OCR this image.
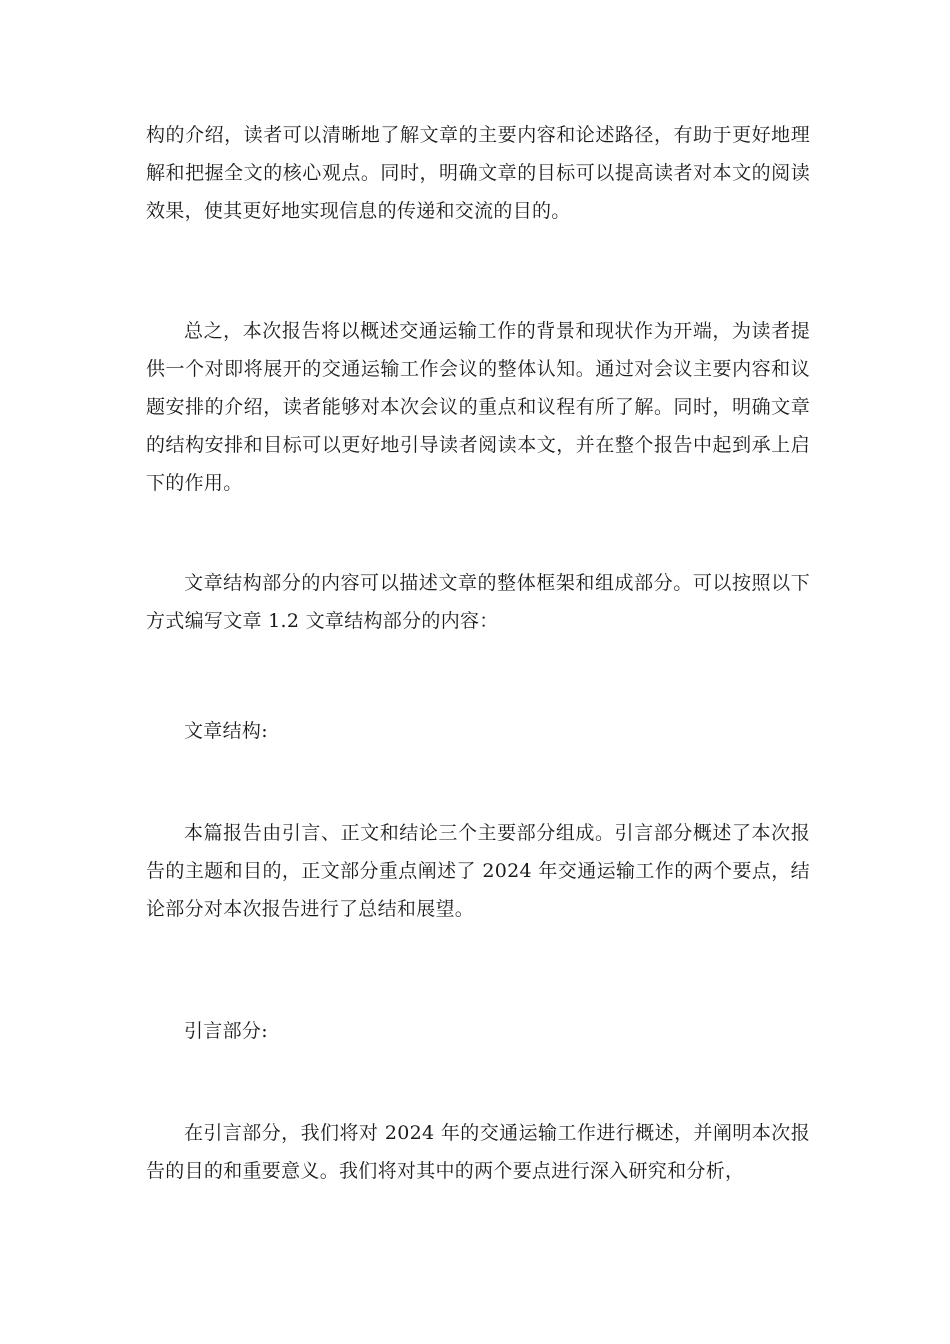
构的介绍，读者可以清晰地了解文章的主要内容和论述路径，有助于更好地理解和把握全文的核心观点。同时，明确文章的目标可以提高读者对本文的阅读效果，使其更好地实现信息的传递和交流的目的。

总之，本次报告将以概述交通运输工作的背景和现状作为开端，为读者提供一个对即将展开的交通运输工作会议的整体认知。通过对会议主要内容和议题安排的介绍，读者能够对本次会议的重点和议程有所了解。同时，明确文章的结构安排和目标可以更好地引导读者阅读本文，并在整个报告中起到承上启下的作用。

文章结构部分的内容可以描述文章的整体框架和组成部分。可以按照以下方式编写文章 1.2 文章结构部分的内容：

文章结构:

本篇报告由引言、正文和结论三个主要部分组成。引言部分概述了本次报告的主题和目的，正文部分重点阐述了 2024 年交通运输工作的两个要点，结论部分对本次报告进行了总结和展望。

引言部分:

在引言部分，我们将对 2024 年的交通运输工作进行概述，并阐明本次报告的目的和重要意义。我们将对其中的两个要点进行深入研究和分析，
